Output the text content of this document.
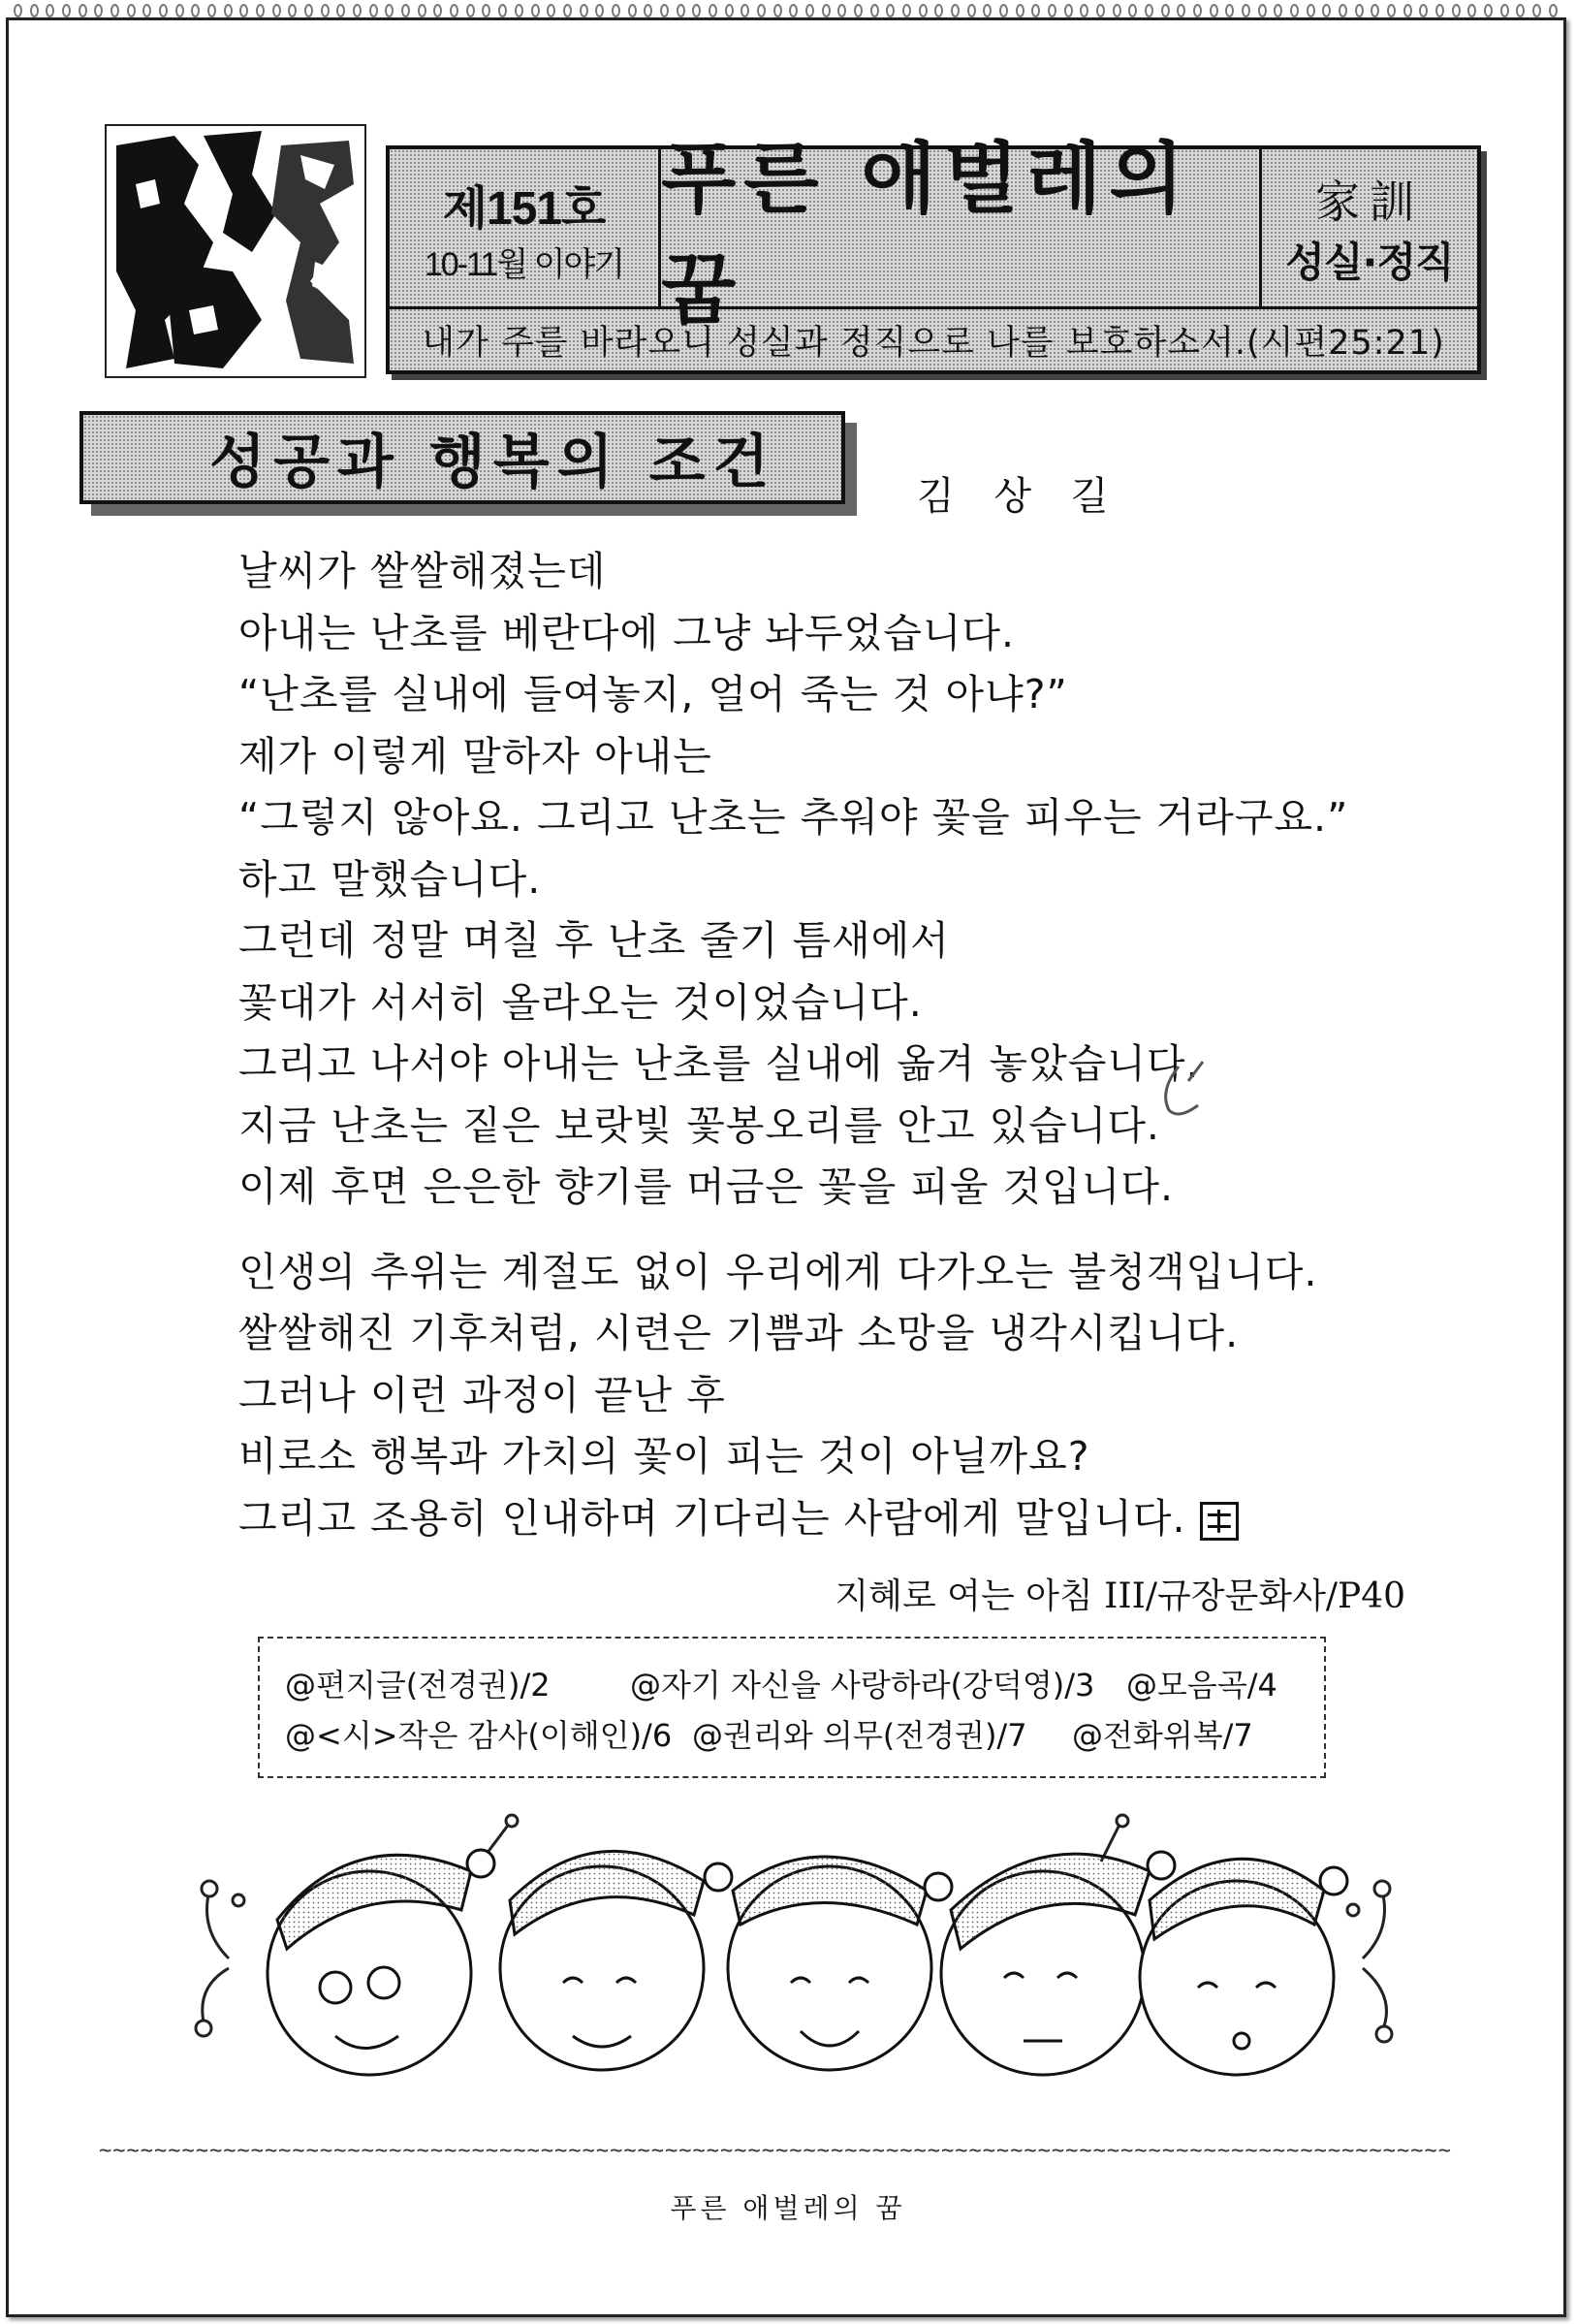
제151호
10-11월 이야기
푸른 애벌레의 꿈
家訓
성실·정직
내가 주를 바라오니 성실과 정직으로 나를 보호하소서.(시편25:21)
성공과 행복의 조건	김 상 길
날씨가 쌀쌀해졌는데
아내는 난초를 베란다에 그냥 놔두었습니다.
“난초를 실내에 들여놓지, 얼어 죽는 것 아냐?”
제가 이렇게 말하자 아내는
“그렇지 않아요. 그리고 난초는 추워야 꽃을 피우는 거라구요.”
하고 말했습니다.
그런데 정말 며칠 후 난초 줄기 틈새에서
꽃대가 서서히 올라오는 것이었습니다.
그리고 나서야 아내는 난초를 실내에 옮겨 놓았습니다.
지금 난초는 짙은 보랏빛 꽃봉오리를 안고 있습니다.
이제 후면 은은한 향기를 머금은 꽃을 피울 것입니다.
인생의 추위는 계절도 없이 우리에게 다가오는 불청객입니다.
쌀쌀해진 기후처럼, 시련은 기쁨과 소망을 냉각시킵니다.
그러나 이런 과정이 끝난 후
비로소 행복과 가치의 꽃이 피는 것이 아닐까요?
그리고 조용히 인내하며 기다리는 사람에게 말입니다.
지혜로 여는 아침 III/규장문화사/P40
@편지글(전경권)/2	@자기 자신을 사랑하라(강덕영)/3	@모음곡/4
@<시>작은 감사(이해인)/6 @권리와 의무(전경권)/7	@전화위복/7
~~~~~~~~~~~~~~~~~~~~~~~~~~~~~~~~~~~~~~~~~~~~~~~~~~~~~~~~~~~~~~~~~~~~~~~~~~~~~~~~~~~~~~~~~~~~~~~~~~
푸른 애벌레의 꿈
